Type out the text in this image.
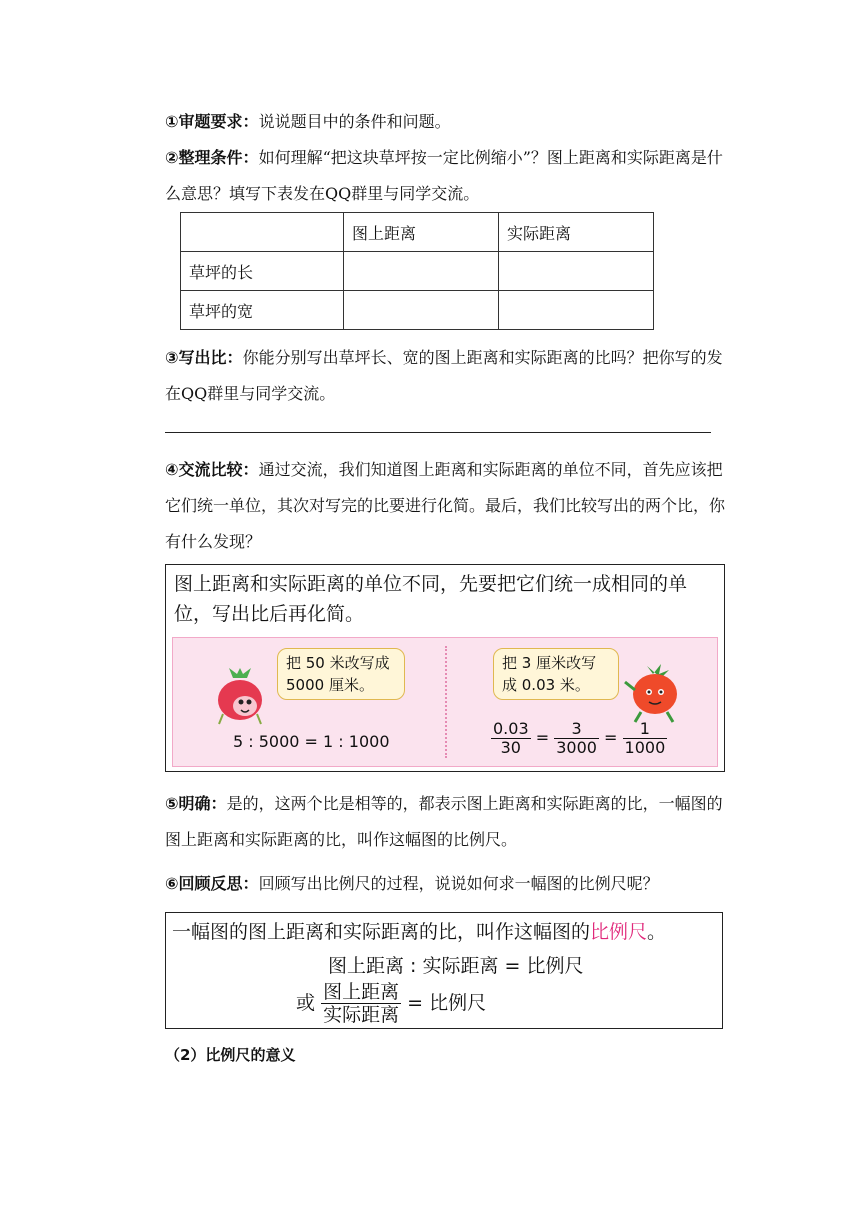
①审题要求：说说题目中的条件和问题。
②整理条件：如何理解“把这块草坪按一定比例缩小”？图上距离和实际距离是什么意思？填写下表发在QQ群里与同学交流。
	图上距离	实际距离
草坪的长		
草坪的宽		
③写出比：你能分别写出草坪长、宽的图上距离和实际距离的比吗？把你写的发在QQ群里与同学交流。
④交流比较：通过交流，我们知道图上距离和实际距离的单位不同，首先应该把它们统一单位，其次对写完的比要进行化简。最后，我们比较写出的两个比，你有什么发现？
图上距离和实际距离的单位不同，先要把它们统一成相同的单位，写出比后再化简。
把 50 米改写成5000 厘米。
5 : 5000 = 1 : 1000
把 3 厘米改写成 0.03 米。
$\frac{0.03}{30} = \frac{3}{3000} = \frac{1}{1000}$
⑤明确：是的，这两个比是相等的，都表示图上距离和实际距离的比，一幅图的图上距离和实际距离的比，叫作这幅图的比例尺。
⑥回顾反思：回顾写出比例尺的过程，说说如何求一幅图的比例尺呢？
一幅图的图上距离和实际距离的比，叫作这幅图的比例尺。
图上距离 : 实际距离 = 比例尺
或 $\frac{\text{图上距离}}{\text{实际距离}}$ = 比例尺
（2）比例尺的意义
